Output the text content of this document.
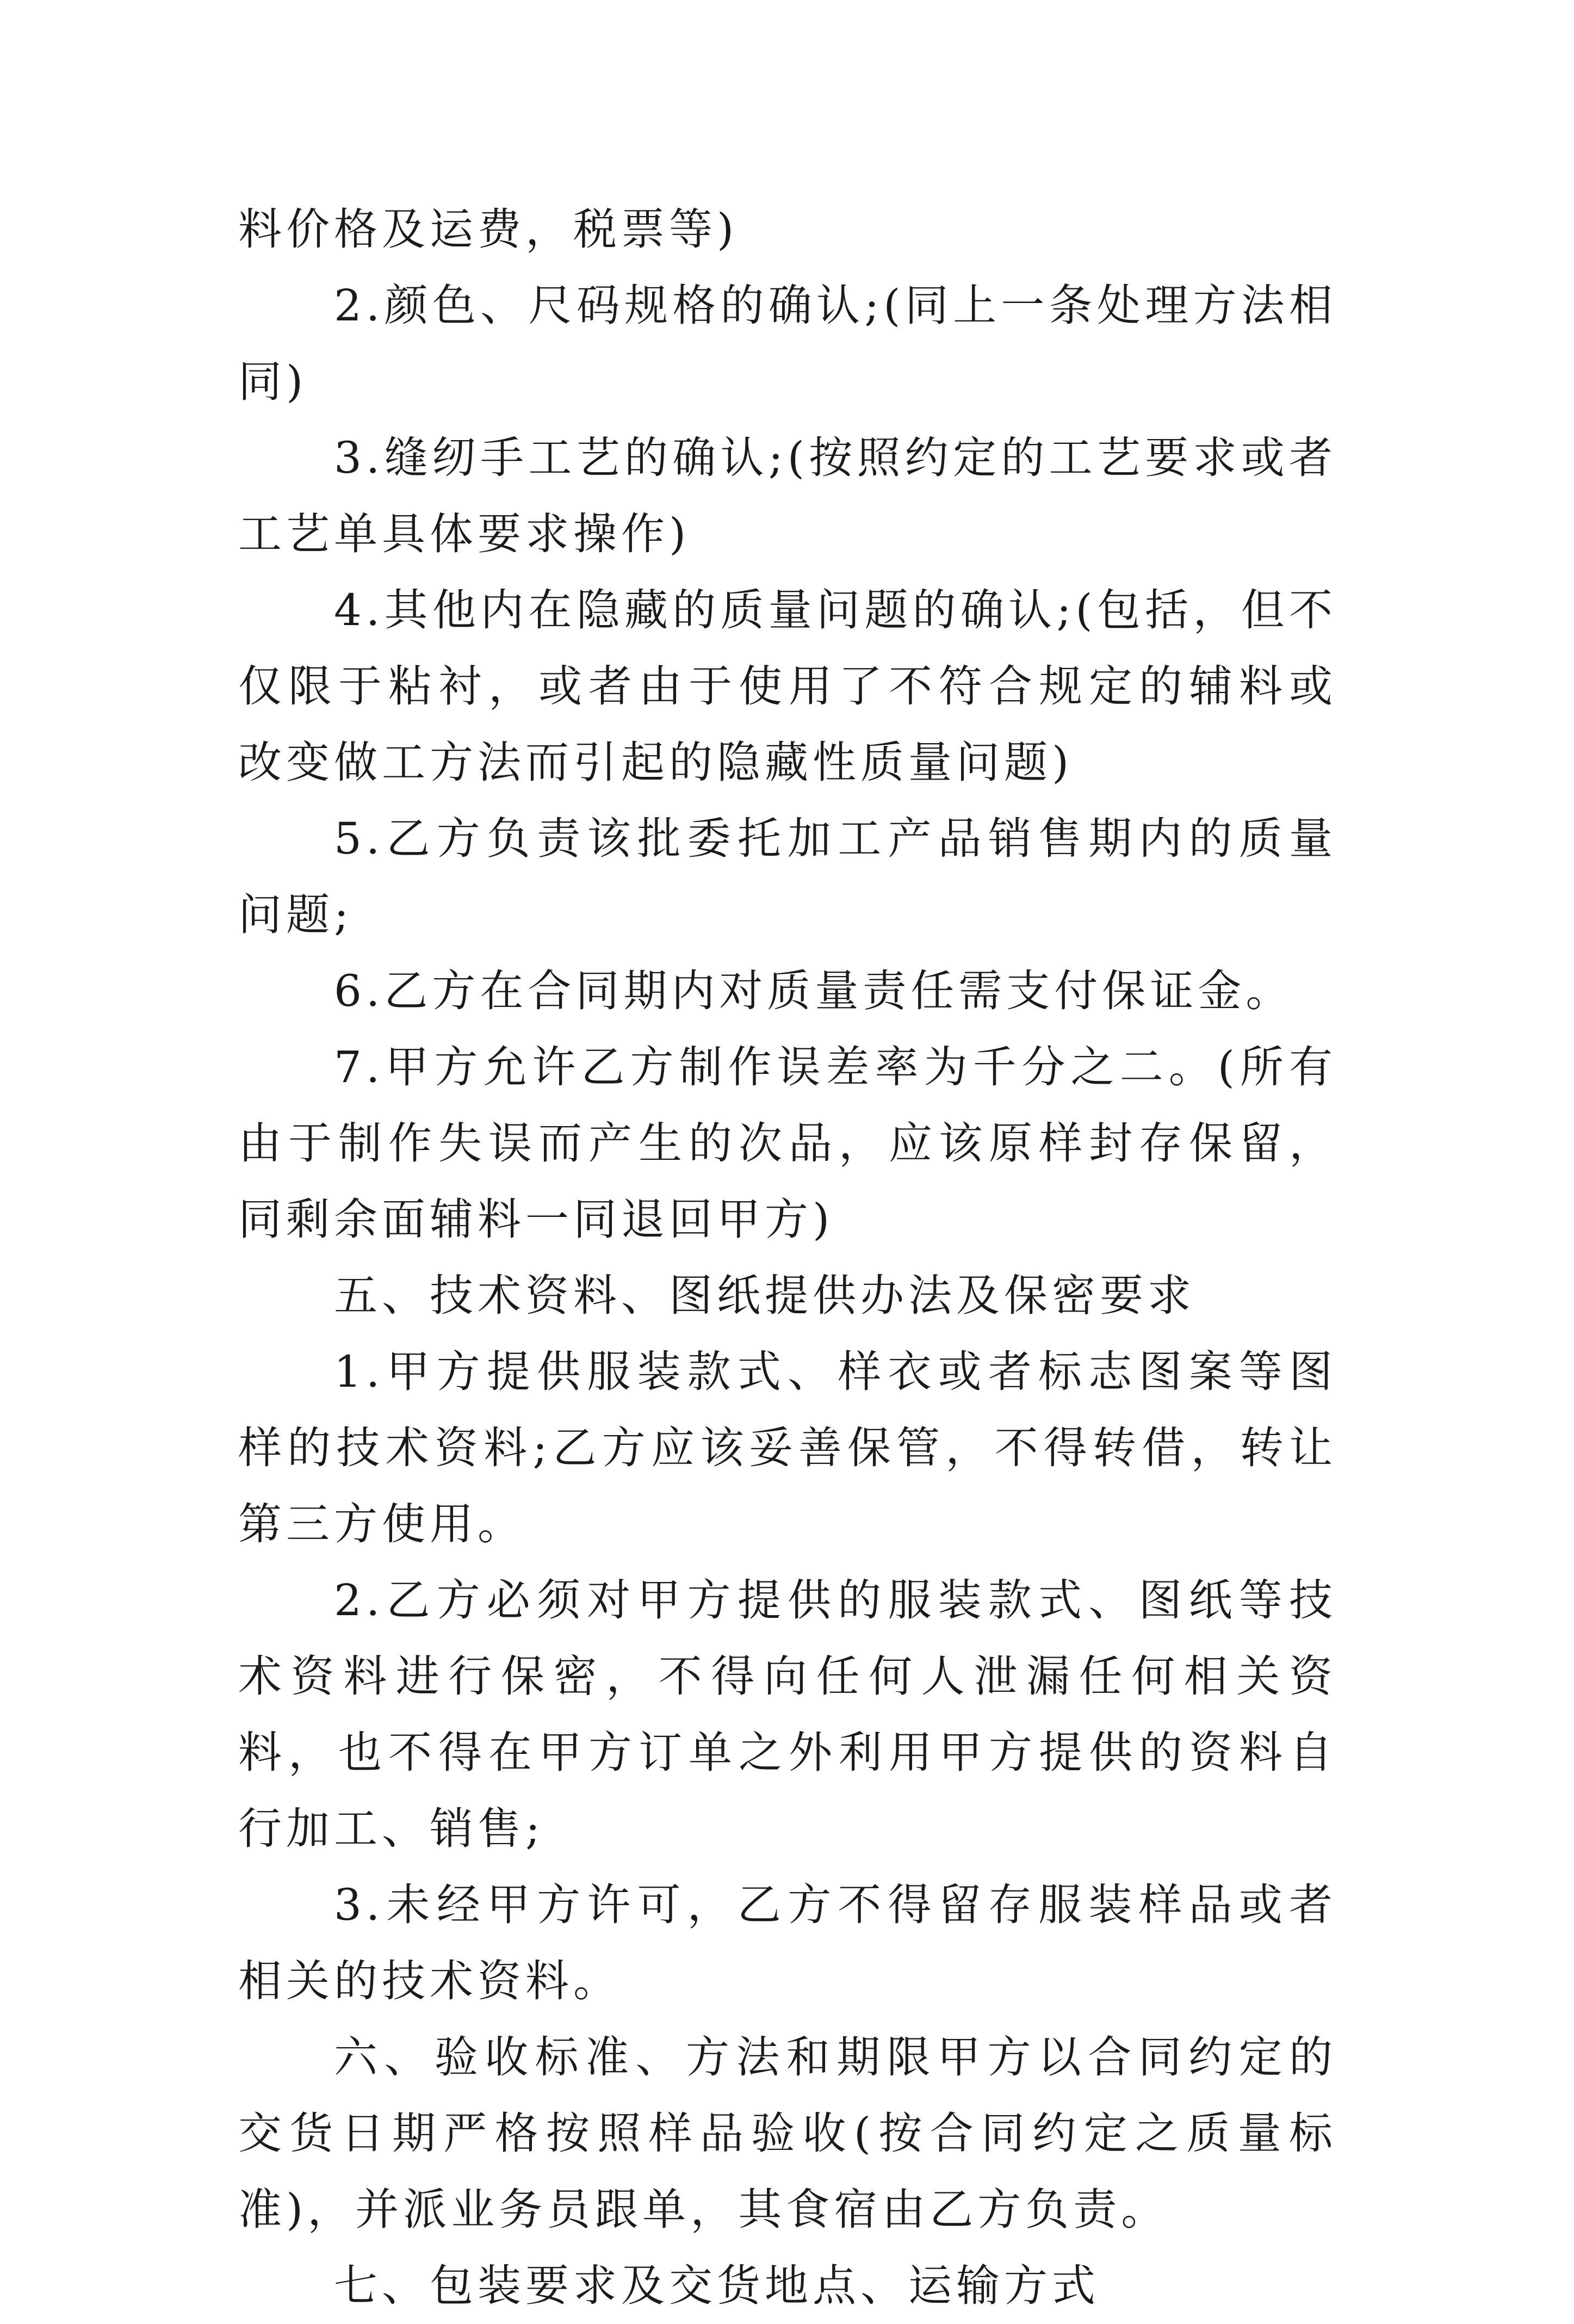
料价格及运费，税票等)

2.颜色、尺码规格的确认;(同上一条处理方法相同)

3.缝纫手工艺的确认;(按照约定的工艺要求或者工艺单具体要求操作)

4.其他内在隐藏的质量问题的确认;(包括，但不仅限于粘衬，或者由于使用了不符合规定的辅料或改变做工方法而引起的隐藏性质量问题)

5.乙方负责该批委托加工产品销售期内的质量问题;

6.乙方在合同期内对质量责任需支付保证金。

7.甲方允许乙方制作误差率为千分之二。(所有由于制作失误而产生的次品，应该原样封存保留，同剩余面辅料一同退回甲方)

五、技术资料、图纸提供办法及保密要求

1.甲方提供服装款式、样衣或者标志图案等图样的技术资料;乙方应该妥善保管，不得转借，转让第三方使用。

2.乙方必须对甲方提供的服装款式、图纸等技术资料进行保密，不得向任何人泄漏任何相关资料，也不得在甲方订单之外利用甲方提供的资料自行加工、销售;

3.未经甲方许可，乙方不得留存服装样品或者相关的技术资料。

六、验收标准、方法和期限甲方以合同约定的交货日期严格按照样品验收(按合同约定之质量标准)，并派业务员跟单，其食宿由乙方负责。

七、包装要求及交货地点、运输方式
